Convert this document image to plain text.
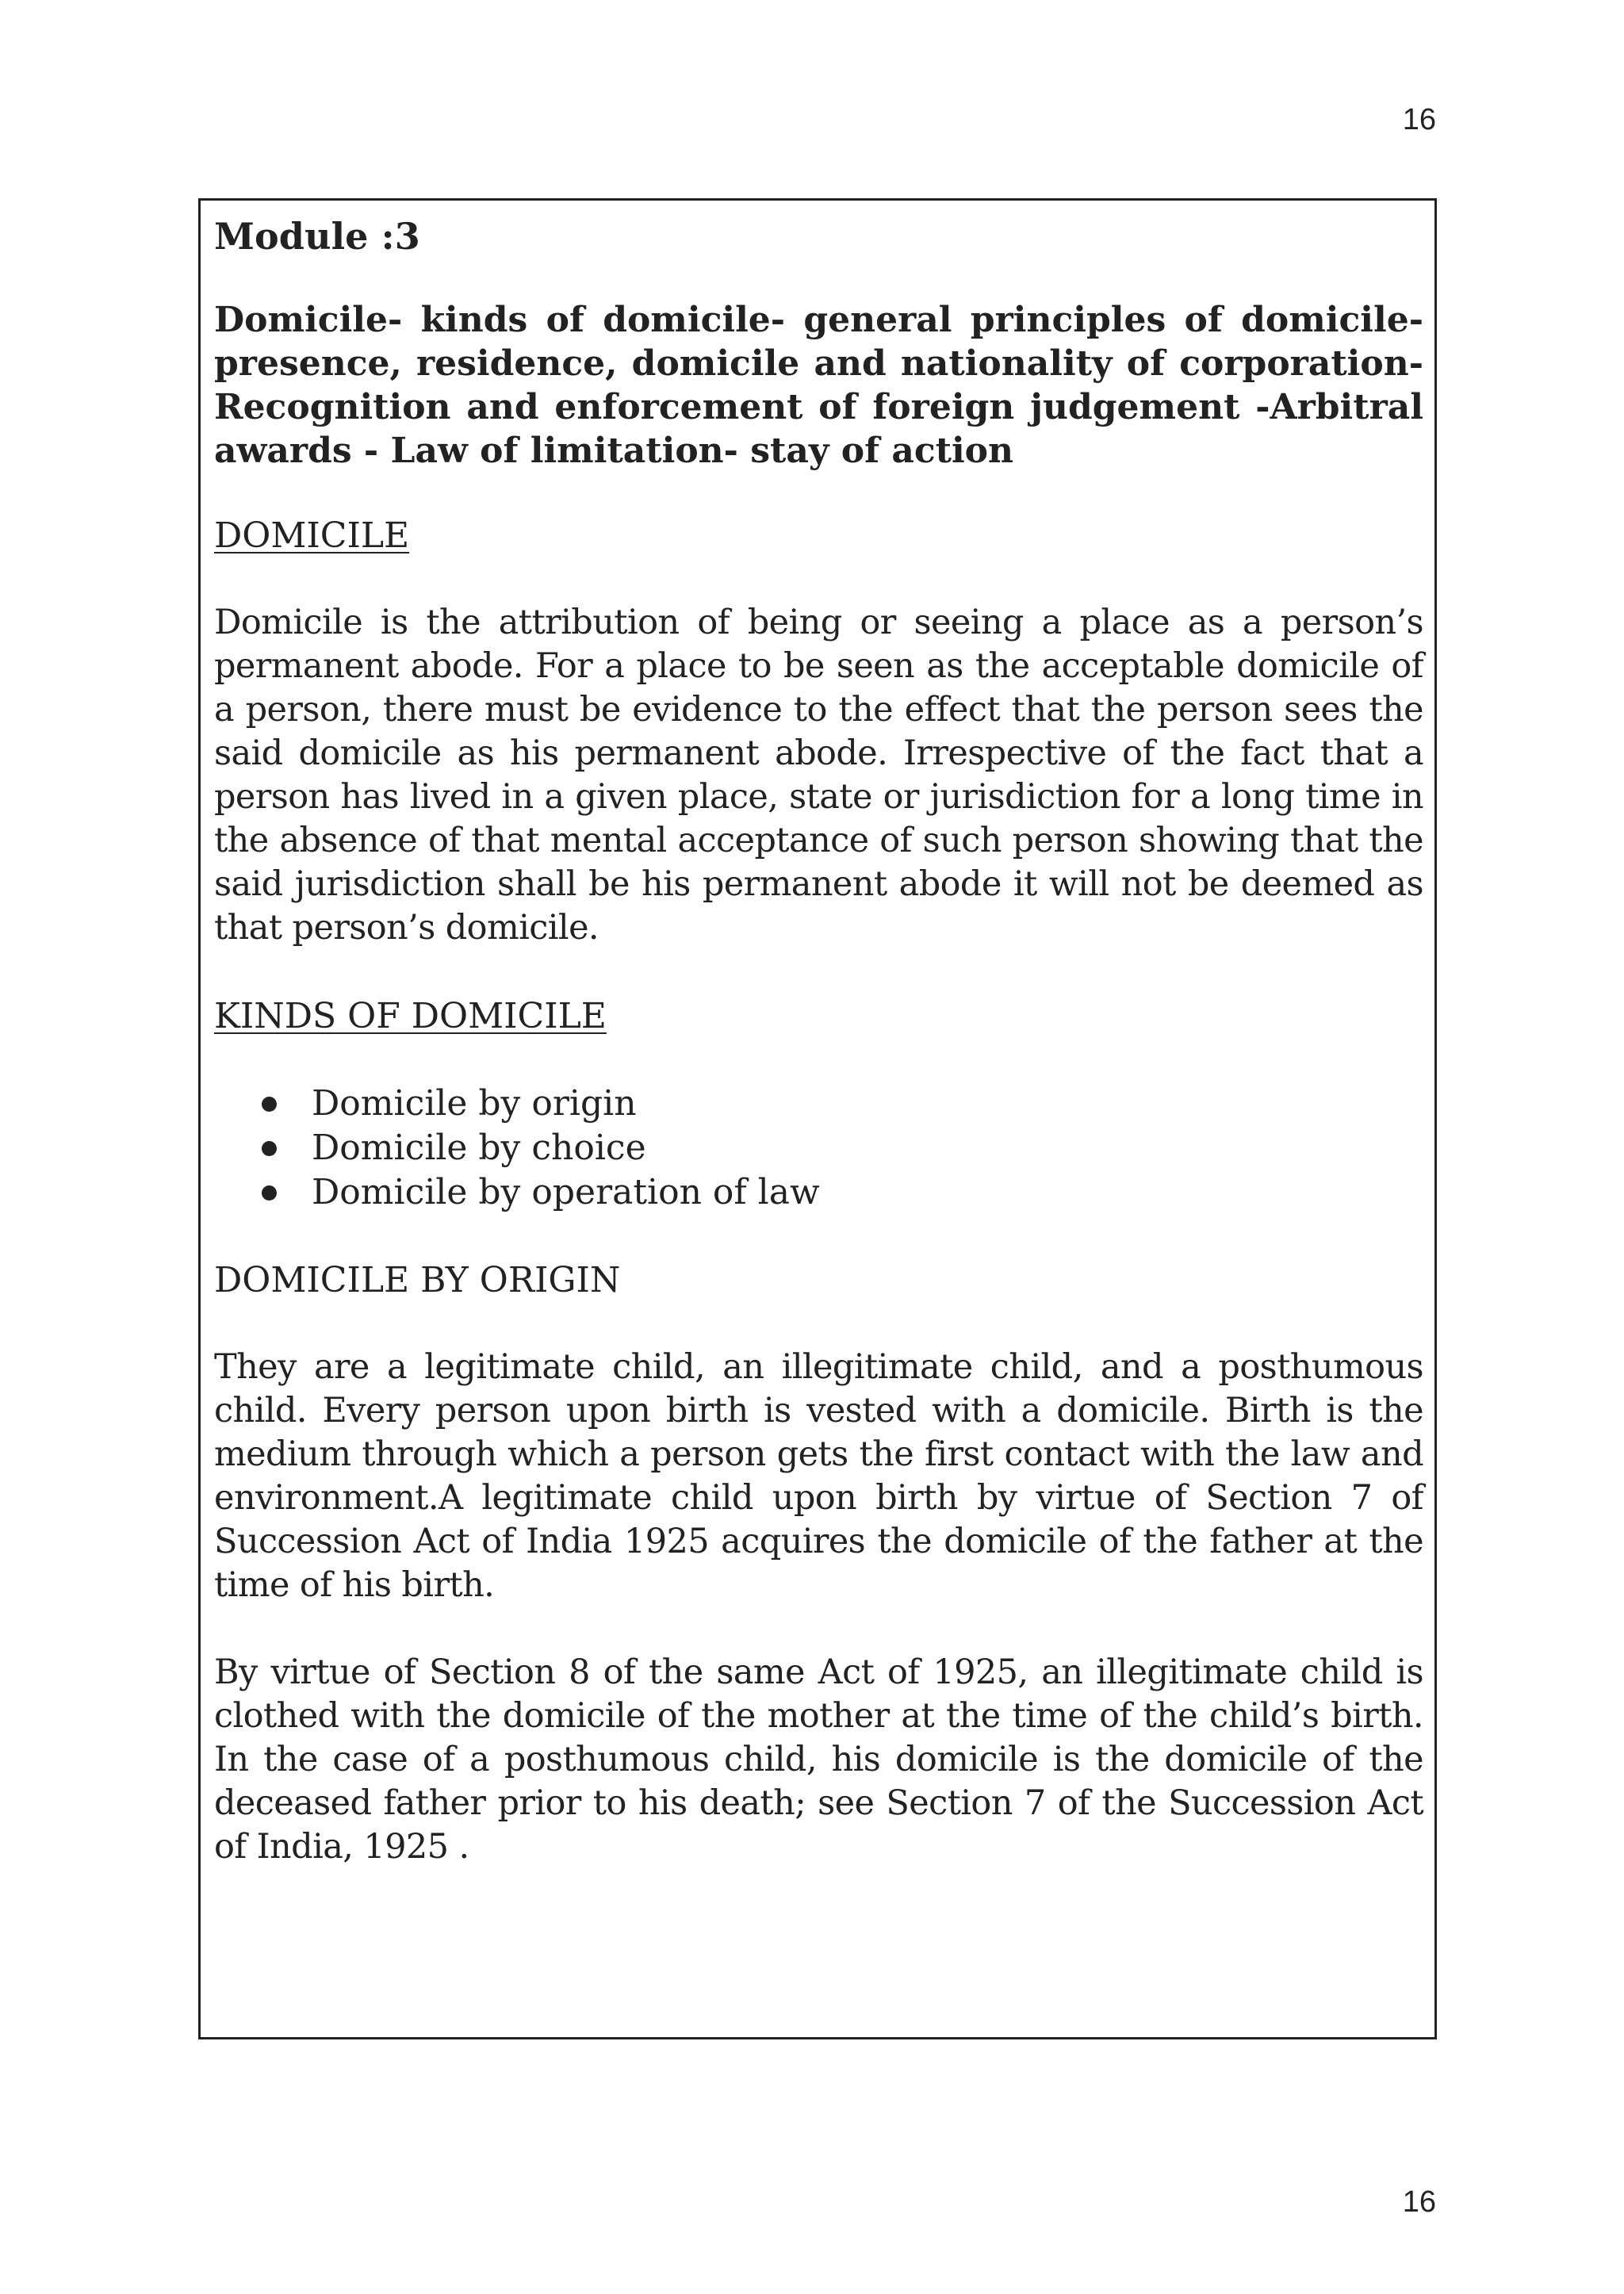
16
Module :3

Domicile- kinds of domicile- general principles of domicile- presence, residence, domicile and nationality of corporation- Recognition and enforcement of foreign judgement -Arbitral awards - Law of limitation- stay of action

DOMICILE

Domicile is the attribution of being or seeing a place as a person’s permanent abode. For a place to be seen as the acceptable domicile of a person, there must be evidence to the effect that the person sees the said domicile as his permanent abode. Irrespective of the fact that a person has lived in a given place, state or jurisdiction for a long time in the absence of that mental acceptance of such person showing that the said jurisdiction shall be his permanent abode it will not be deemed as that person’s domicile.

KINDS OF DOMICILE
Domicile by origin
Domicile by choice
Domicile by operation of law
DOMICILE BY ORIGIN

They are a legitimate child, an illegitimate child, and a posthumous child. Every person upon birth is vested with a domicile. Birth is the medium through which a person gets the first contact with the law and environment.A legitimate child upon birth by virtue of Section 7 of Succession Act of India 1925 acquires the domicile of the father at the time of his birth.

By virtue of Section 8 of the same Act of 1925, an illegitimate child is clothed with the domicile of the mother at the time of the child’s birth. In the case of a posthumous child, his domicile is the domicile of the deceased father prior to his death; see Section 7 of the Succession Act of India, 1925 .

16
